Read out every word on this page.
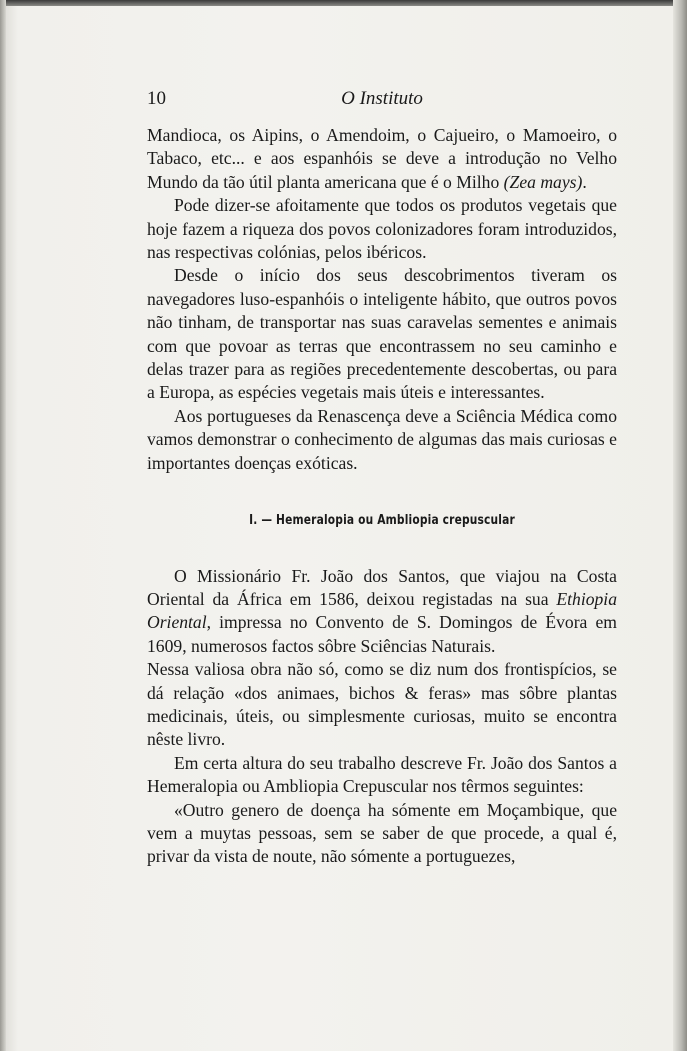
10	O Instituto

Mandioca, os Aipins, o Amendoim, o Cajueiro, o Mamoeiro, o Tabaco, etc... e aos espanhóis se deve a introdução no Velho Mundo da tão útil planta americana que é o Milho (Zea mays).

Pode dizer-se afoitamente que todos os produtos vegetais que hoje fazem a riqueza dos povos colonizadores foram introduzidos, nas respectivas colónias, pelos ibéricos.

Desde o início dos seus descobrimentos tiveram os navegadores luso-espanhóis o inteligente hábito, que outros povos não tinham, de transportar nas suas caravelas sementes e animais com que povoar as terras que encontrassem no seu caminho e delas trazer para as regiões precedentemente descobertas, ou para a Europa, as espécies vegetais mais úteis e interessantes.

Aos portugueses da Renascença deve a Sciência Médica como vamos demonstrar o conhecimento de algumas das mais curiosas e importantes doenças exóticas.

I. — Hemeralopia ou Ambliopia crepuscular

O Missionário Fr. João dos Santos, que viajou na Costa Oriental da África em 1586, deixou registadas na sua Ethiopia Oriental, impressa no Convento de S. Domingos de Évora em 1609, numerosos factos sôbre Sciências Naturais.

Nessa valiosa obra não só, como se diz num dos frontispícios, se dá relação «dos animaes, bichos & feras» mas sôbre plantas medicinais, úteis, ou simplesmente curiosas, muito se encontra nêste livro.

Em certa altura do seu trabalho descreve Fr. João dos Santos a Hemeralopia ou Ambliopia Crepuscular nos têrmos seguintes:

«Outro genero de doença ha sómente em Moçambique, que vem a muytas pessoas, sem se saber de que procede, a qual é, privar da vista de noute, não sómente a portuguezes,
